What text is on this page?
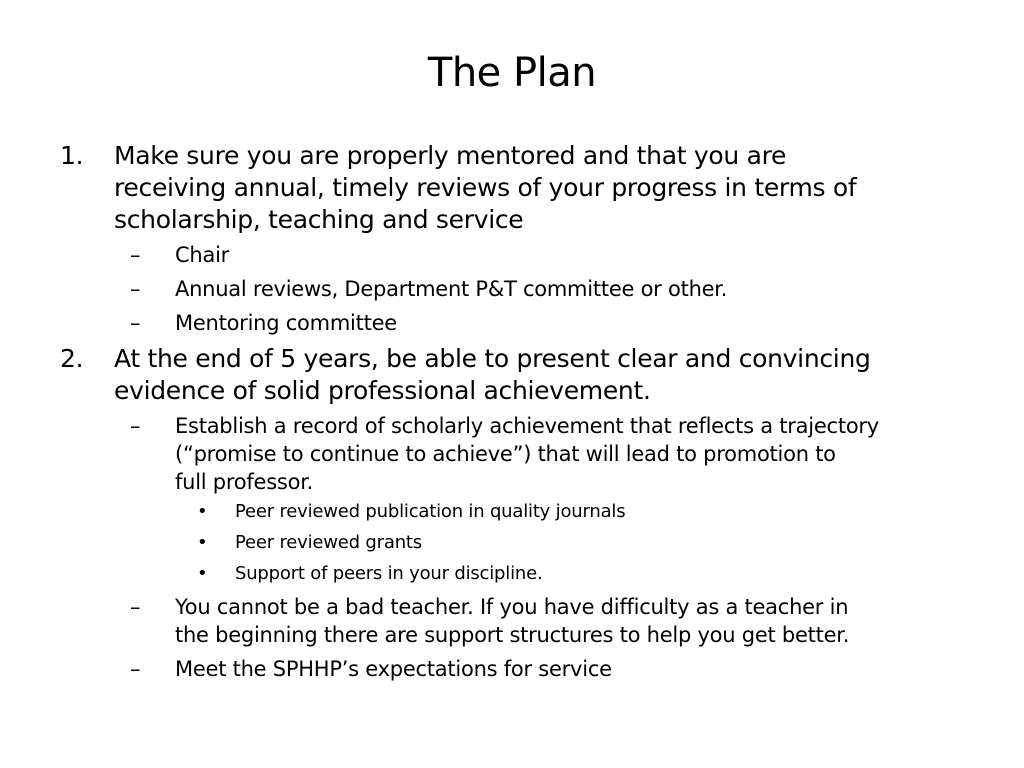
The Plan
1. Make sure you are properly mentored and that you are
receiving annual, timely reviews of your progress in terms of
scholarship, teaching and service
– Chair
– Annual reviews, Department P&T committee or other.
– Mentoring committee
2. At the end of 5 years, be able to present clear and convincing
evidence of solid professional achievement.
– Establish a record of scholarly achievement that reflects a trajectory
(“promise to continue to achieve”) that will lead to promotion to
full professor.
• Peer reviewed publication in quality journals
• Peer reviewed grants
• Support of peers in your discipline.
– You cannot be a bad teacher. If you have difficulty as a teacher in
the beginning there are support structures to help you get better.
– Meet the SPHHP’s expectations for service
